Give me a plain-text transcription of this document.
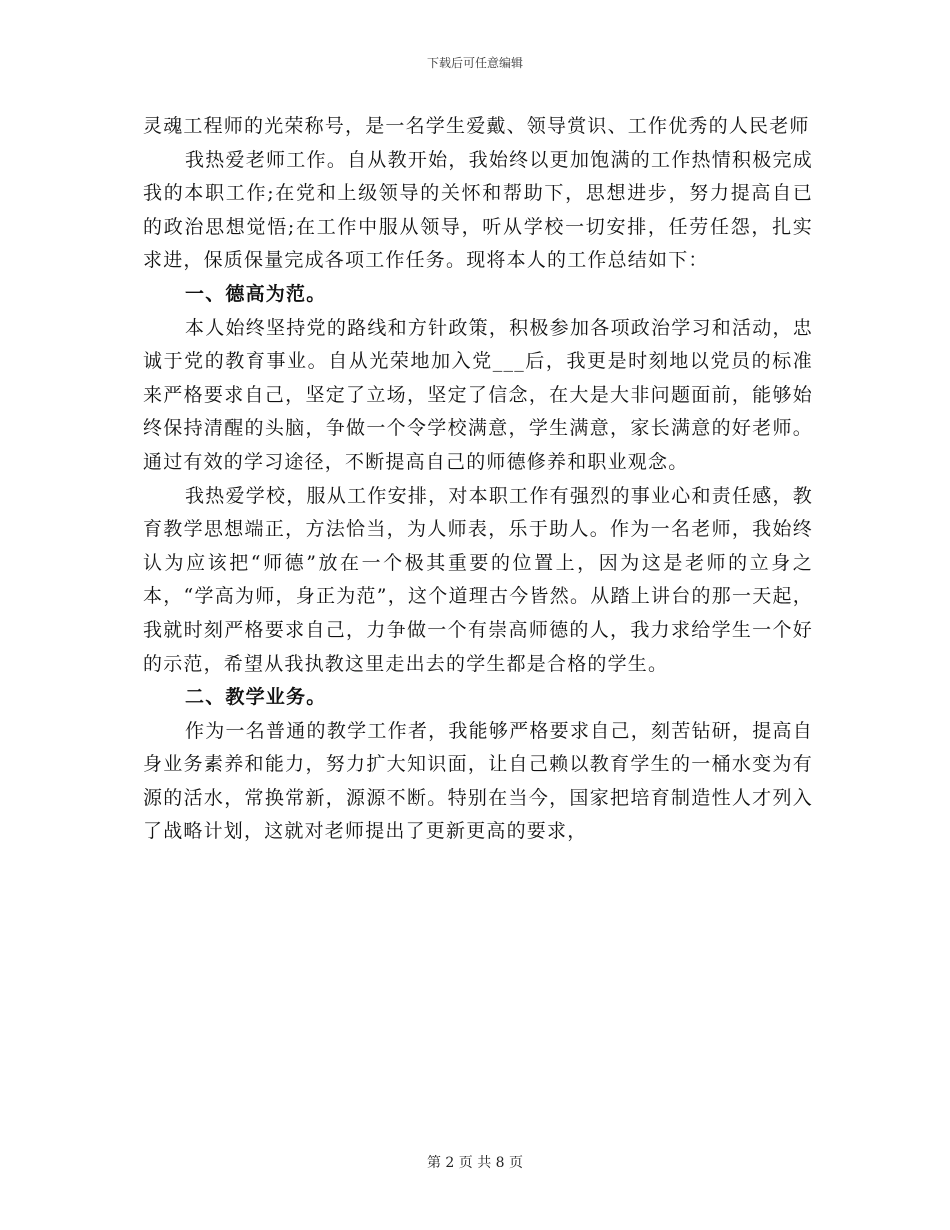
下载后可任意编辑

灵魂工程师的光荣称号，是一名学生爱戴、领导赏识、工作优秀的人民老师

我热爱老师工作。自从教开始，我始终以更加饱满的工作热情积极完成我的本职工作;在党和上级领导的关怀和帮助下，思想进步，努力提高自已的政治思想觉悟;在工作中服从领导，听从学校一切安排，任劳任怨，扎实求进，保质保量完成各项工作任务。现将本人的工作总结如下：

一、德高为范。

本人始终坚持党的路线和方针政策，积极参加各项政治学习和活动，忠诚于党的教育事业。自从光荣地加入党___后，我更是时刻地以党员的标准来严格要求自己，坚定了立场，坚定了信念，在大是大非问题面前，能够始终保持清醒的头脑，争做一个令学校满意，学生满意，家长满意的好老师。通过有效的学习途径，不断提高自己的师德修养和职业观念。

我热爱学校，服从工作安排，对本职工作有强烈的事业心和责任感，教育教学思想端正，方法恰当，为人师表，乐于助人。作为一名老师，我始终认为应该把“师德”放在一个极其重要的位置上，因为这是老师的立身之本，“学高为师，身正为范”，这个道理古今皆然。从踏上讲台的那一天起，我就时刻严格要求自己，力争做一个有崇高师德的人，我力求给学生一个好的示范，希望从我执教这里走出去的学生都是合格的学生。

二、教学业务。

作为一名普通的教学工作者，我能够严格要求自己，刻苦钻研，提高自身业务素养和能力，努力扩大知识面，让自己赖以教育学生的一桶水变为有源的活水，常换常新，源源不断。特别在当今，国家把培育制造性人才列入了战略计划，这就对老师提出了更新更高的要求，

第 2 页 共 8 页
